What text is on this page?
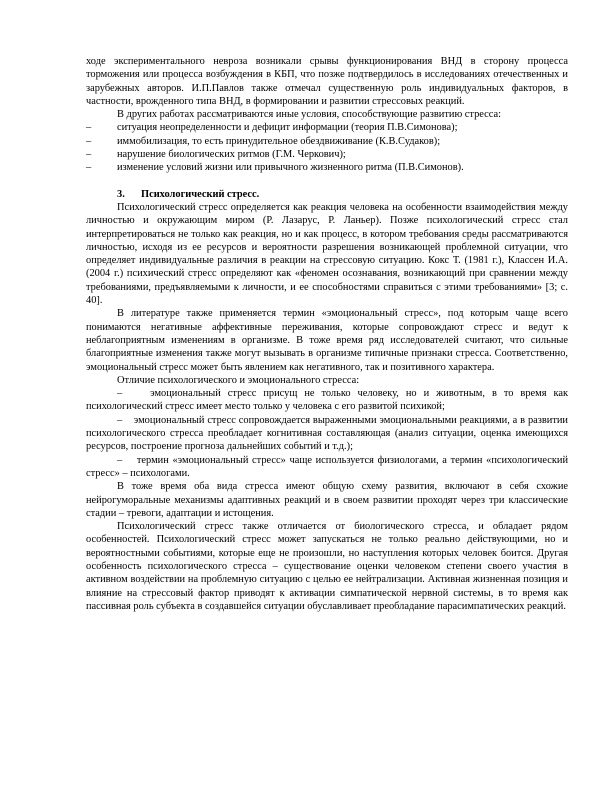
ходе экспериментального невроза возникали срывы функционирования ВНД в сторону процесса торможения или процесса возбуждения в КБП, что позже подтвердилось в исследованиях отечественных и зарубежных авторов. И.П.Павлов также отмечал существенную роль индивидуальных факторов, в частности, врожденного типа ВНД, в формировании и развитии стрессовых реакций.

В других работах рассматриваются иные условия, способствующие развитию стресса:

– ситуация неопределенности и дефицит информации (теория П.В.Симонова);

– иммобилизация, то есть принудительное обездвиживание (К.В.Судаков);

– нарушение биологических ритмов (Г.М. Черкович);

– изменение условий жизни или привычного жизненного ритма (П.В.Симонов).

3. Психологический стресс.

Психологический стресс определяется как реакция человека на особенности взаимодействия между личностью и окружающим миром (Р. Лазарус, Р. Ланьер). Позже психологический стресс стал интерпретироваться не только как реакция, но и как процесс, в котором требования среды рассматриваются личностью, исходя из ее ресурсов и вероятности разрешения возникающей проблемной ситуации, что определяет индивидуальные различия в реакции на стрессовую ситуацию. Кокс Т. (1981 г.), Классен И.А. (2004 г.) психический стресс определяют как «феномен осознавания, возникающий при сравнении между требованиями, предъявляемыми к личности, и ее способностями справиться с этими требованиями» [3; с. 40].

В литературе также применяется термин «эмоциональный стресс», под которым чаще всего понимаются негативные аффективные переживания, которые сопровождают стресс и ведут к неблагоприятным изменениям в организме. В тоже время ряд исследователей считают, что сильные благоприятные изменения также могут вызывать в организме типичные признаки стресса. Соответственно, эмоциональный стресс может быть явлением как негативного, так и позитивного характера.

Отличие психологического и эмоционального стресса:

–	эмоциональный стресс присущ не только человеку, но и животным, в то время как психологический стресс имеет место только у человека с его развитой психикой;

– эмоциональный стресс сопровождается выраженными эмоциональными реакциями, а в развитии психологического стресса преобладает когнитивная составляющая (анализ ситуации, оценка имеющихся ресурсов, построение прогноза дальнейших событий и т.д.);

– термин «эмоциональный стресс» чаще используется физиологами, а термин «психологический стресс» – психологами.

В тоже время оба вида стресса имеют общую схему развития, включают в себя схожие нейрогуморальные механизмы адаптивных реакций и в своем развитии проходят через три классические стадии – тревоги, адаптации и истощения.

Психологический стресс также отличается от биологического стресса, и обладает рядом особенностей. Психологический стресс может запускаться не только реально действующими, но и вероятностными событиями, которые еще не произошли, но наступления которых человек боится. Другая особенность психологического стресса – существование оценки человеком степени своего участия в активном воздействии на проблемную ситуацию с целью ее нейтрализации. Активная жизненная позиция и влияние на стрессовый фактор приводят к активации симпатической нервной системы, в то время как пассивная роль субъекта в создавшейся ситуации обуславливает преобладание парасимпатических реакций.
